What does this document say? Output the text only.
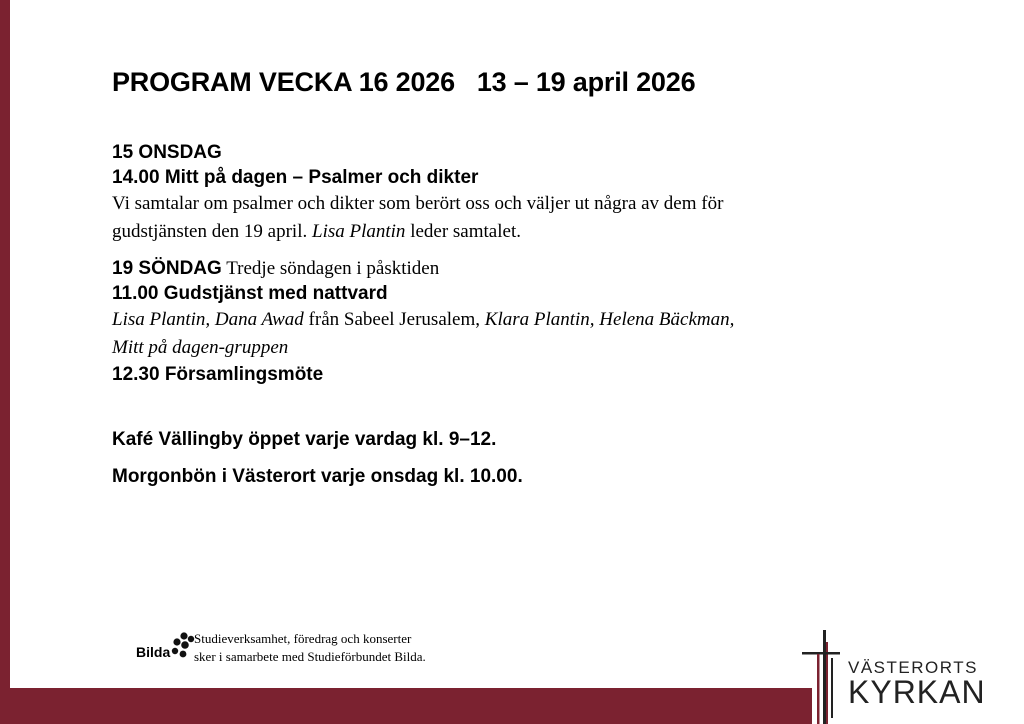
PROGRAM VECKA 16 2026   13 – 19 april 2026

15 ONSDAG

14.00 Mitt på dagen – Psalmer och dikter

Vi samtalar om psalmer och dikter som berört oss och väljer ut några av dem för
gudstjänsten den 19 april. Lisa Plantin leder samtalet.

19 SÖNDAG Tredje söndagen i påsktiden

11.00 Gudstjänst med nattvard

Lisa Plantin, Dana Awad från Sabeel Jerusalem, Klara Plantin, Helena Bäckman,
Mitt på dagen-gruppen

12.30 Församlingsmöte

Kafé Vällingby öppet varje vardag kl. 9–12.

Morgonbön i Västerort varje onsdag kl. 10.00.

Bilda
Studieverksamhet, föredrag och konserter
sker i samarbete med Studieförbundet Bilda.
VÄSTERORTS
KYRKAN
